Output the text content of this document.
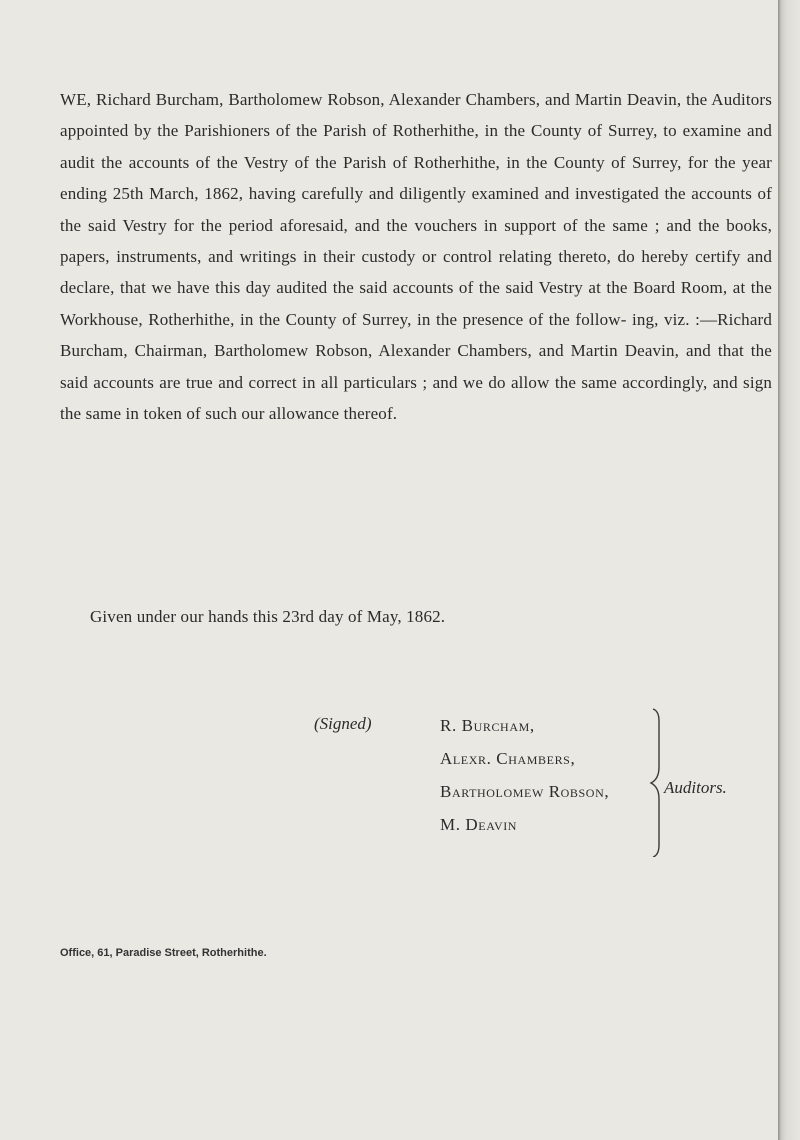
WE, Richard Burcham, Bartholomew Robson, Alexander Chambers, and Martin Deavin, the Auditors appointed by the Parishioners of the Parish of Rotherhithe, in the County of Surrey, to examine and audit the accounts of the Vestry of the Parish of Rotherhithe, in the County of Surrey, for the year ending 25th March, 1862, having carefully and diligently examined and investigated the accounts of the said Vestry for the period aforesaid, and the vouchers in support of the same ; and the books, papers, instruments, and writings in their custody or control relating thereto, do hereby certify and declare, that we have this day audited the said accounts of the said Vestry at the Board Room, at the Workhouse, Rotherhithe, in the County of Surrey, in the presence of the follow- ing, viz. :—Richard Burcham, Chairman, Bartholomew Robson, Alexander Chambers, and Martin Deavin, and that the said accounts are true and correct in all particulars ; and we do allow the same accordingly, and sign the same in token of such our allowance thereof.

Given under our hands this 23rd day of May, 1862.
(Signed)	R. Burcham,
Alexr. Chambers,
Bartholomew Robson,
M. Deavin
Auditors.
Office, 61, Paradise Street, Rotherhithe.
